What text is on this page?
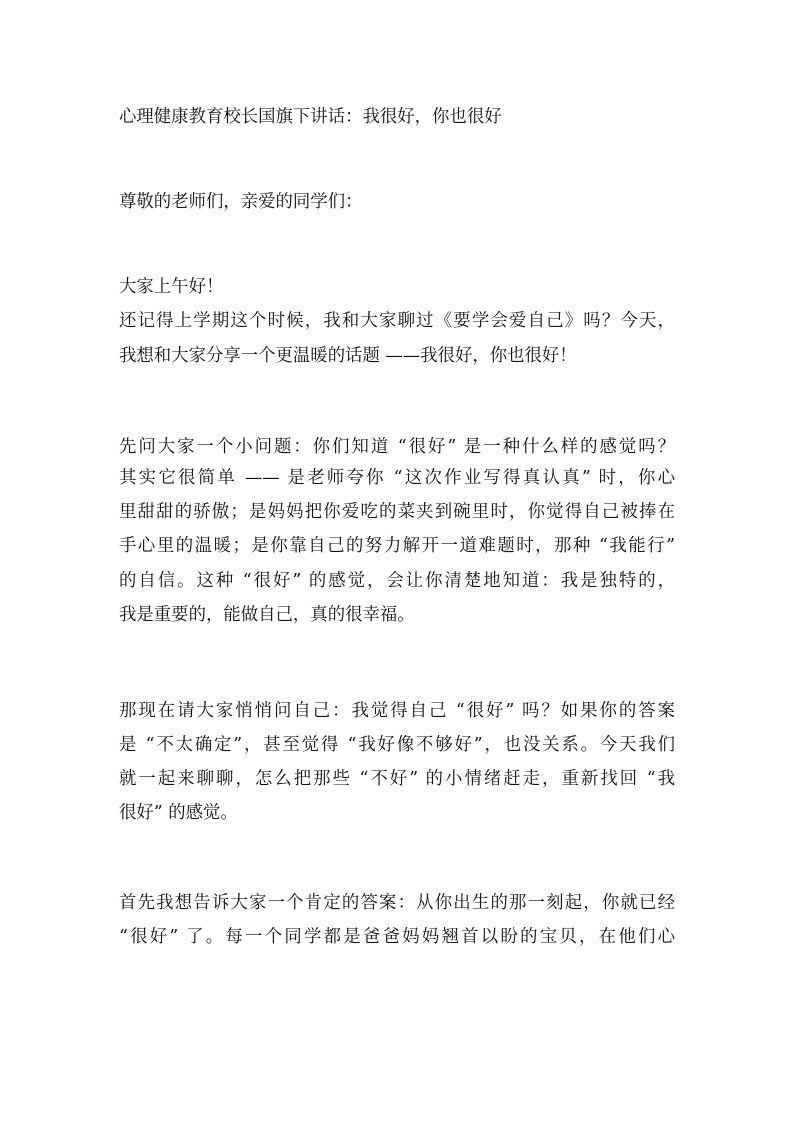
心理健康教育校长国旗下讲话：我很好，你也很好
尊敬的老师们，亲爱的同学们：
大家上午好！
还记得上学期这个时候，我和大家聊过《要学会爱自己》吗？今天，
我想和大家分享一个更温暖的话题 ——我很好，你也很好！
先问大家一个小问题：你们知道 “很好” 是一种什么样的感觉吗？
其实它很简单 —— 是老师夸你 “这次作业写得真认真” 时，你心
里甜甜的骄傲；是妈妈把你爱吃的菜夹到碗里时，你觉得自己被捧在
手心里的温暖；是你靠自己的努力解开一道难题时，那种 “我能行”
的自信。这种 “很好” 的感觉，会让你清楚地知道：我是独特的，
我是重要的，能做自己，真的很幸福。
那现在请大家悄悄问自己：我觉得自己 “很好” 吗？如果你的答案
是 “不太确定”，甚至觉得 “我好像不够好”，也没关系。今天我们
就一起来聊聊，怎么把那些 “不好” 的小情绪赶走，重新找回 “我
很好” 的感觉。
首先我想告诉大家一个肯定的答案：从你出生的那一刻起，你就已经
“很好” 了。每一个同学都是爸爸妈妈翘首以盼的宝贝，在他们心
